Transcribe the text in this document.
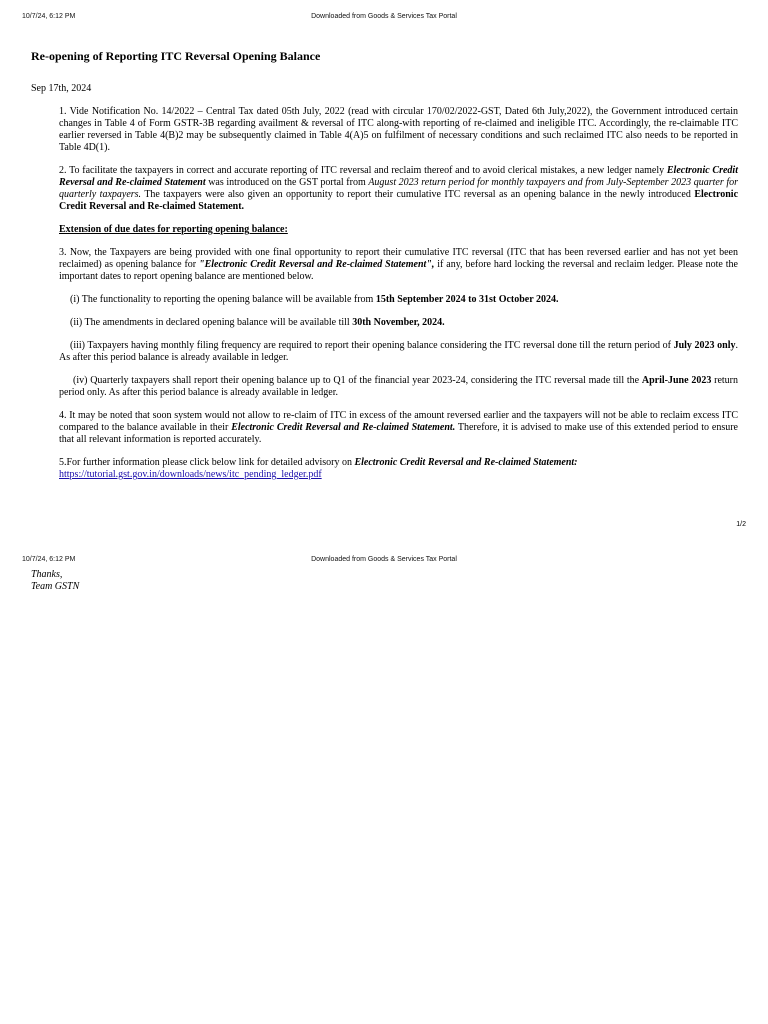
10/7/24, 6:12 PM	Downloaded from Goods & Services Tax Portal
Re-opening of Reporting ITC Reversal Opening Balance
Sep 17th, 2024

1. Vide Notification No. 14/2022 – Central Tax dated 05th July, 2022 (read with circular 170/02/2022-GST, Dated 6th July,2022), the Government introduced certain changes in Table 4 of Form GSTR-3B regarding availment & reversal of ITC along-with reporting of re-claimed and ineligible ITC. Accordingly, the re-claimable ITC earlier reversed in Table 4(B)2 may be subsequently claimed in Table 4(A)5 on fulfilment of necessary conditions and such reclaimed ITC also needs to be reported in Table 4D(1).

2. To facilitate the taxpayers in correct and accurate reporting of ITC reversal and reclaim thereof and to avoid clerical mistakes, a new ledger namely Electronic Credit Reversal and Re-claimed Statement was introduced on the GST portal from August 2023 return period for monthly taxpayers and from July-September 2023 quarter for quarterly taxpayers. The taxpayers were also given an opportunity to report their cumulative ITC reversal as an opening balance in the newly introduced Electronic Credit Reversal and Re-claimed Statement.

Extension of due dates for reporting opening balance:

3. Now, the Taxpayers are being provided with one final opportunity to report their cumulative ITC reversal (ITC that has been reversed earlier and has not yet been reclaimed) as opening balance for "Electronic Credit Reversal and Re-claimed Statement", if any, before hard locking the reversal and reclaim ledger. Please note the important dates to report opening balance are mentioned below.

(i) The functionality to reporting the opening balance will be available from 15th September 2024 to 31st October 2024.

(ii) The amendments in declared opening balance will be available till 30th November, 2024.

(iii) Taxpayers having monthly filing frequency are required to report their opening balance considering the ITC reversal done till the return period of July 2023 only. As after this period balance is already available in ledger.

(iv) Quarterly taxpayers shall report their opening balance up to Q1 of the financial year 2023-24, considering the ITC reversal made till the April-June 2023 return period only. As after this period balance is already available in ledger.

4. It may be noted that soon system would not allow to re-claim of ITC in excess of the amount reversed earlier and the taxpayers will not be able to reclaim excess ITC compared to the balance available in their Electronic Credit Reversal and Re-claimed Statement. Therefore, it is advised to make use of this extended period to ensure that all relevant information is reported accurately.

5.For further information please click below link for detailed advisory on Electronic Credit Reversal and Re-claimed Statement:
https://tutorial.gst.gov.in/downloads/news/itc_pending_ledger.pdf

1/2
10/7/24, 6:12 PM	Downloaded from Goods & Services Tax Portal
Thanks,
Team GSTN
